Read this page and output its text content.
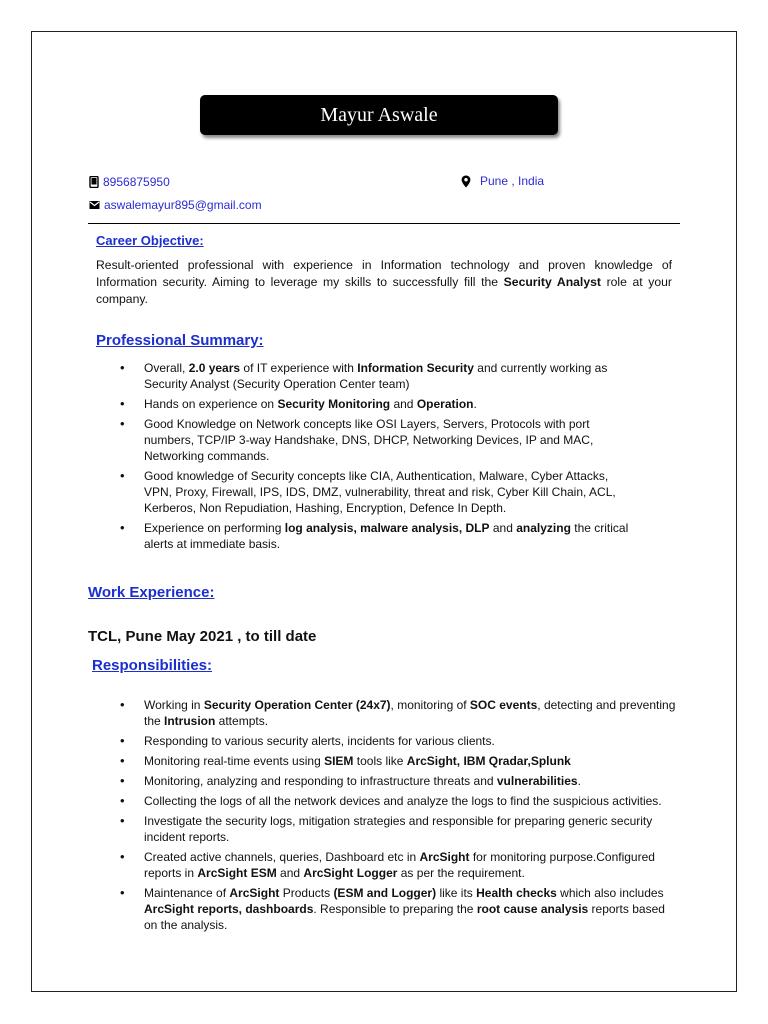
Mayur Aswale
8956875950
aswalemayur895@gmail.com
Pune , India
Career Objective:
Result-oriented professional with experience in Information technology and proven knowledge of Information security. Aiming to leverage my skills to successfully fill the Security Analyst role at your company.
Professional Summary:
• Overall, 2.0 years of IT experience with Information Security and currently working as Security Analyst (Security Operation Center team)
• Hands on experience on Security Monitoring and Operation.
• Good Knowledge on Network concepts like OSI Layers, Servers, Protocols with port numbers, TCP/IP 3-way Handshake, DNS, DHCP, Networking Devices, IP and MAC, Networking commands.
• Good knowledge of Security concepts like CIA, Authentication, Malware, Cyber Attacks, VPN, Proxy, Firewall, IPS, IDS, DMZ, vulnerability, threat and risk, Cyber Kill Chain, ACL, Kerberos, Non Repudiation, Hashing, Encryption, Defence In Depth.
• Experience on performing log analysis, malware analysis, DLP and analyzing the critical alerts at immediate basis.
Work Experience:
TCL, Pune May 2021 , to till date
Responsibilities:
• Working in Security Operation Center (24x7), monitoring of SOC events, detecting and preventing the Intrusion attempts.
• Responding to various security alerts, incidents for various clients.
• Monitoring real-time events using SIEM tools like ArcSight, IBM Qradar,Splunk
• Monitoring, analyzing and responding to infrastructure threats and vulnerabilities.
• Collecting the logs of all the network devices and analyze the logs to find the suspicious activities.
• Investigate the security logs, mitigation strategies and responsible for preparing generic security incident reports.
• Created active channels, queries, Dashboard etc in ArcSight for monitoring purpose.Configured reports in ArcSight ESM and ArcSight Logger as per the requirement.
• Maintenance of ArcSight Products (ESM and Logger) like its Health checks which also includes ArcSight reports, dashboards. Responsible to preparing the root cause analysis reports based on the analysis.
